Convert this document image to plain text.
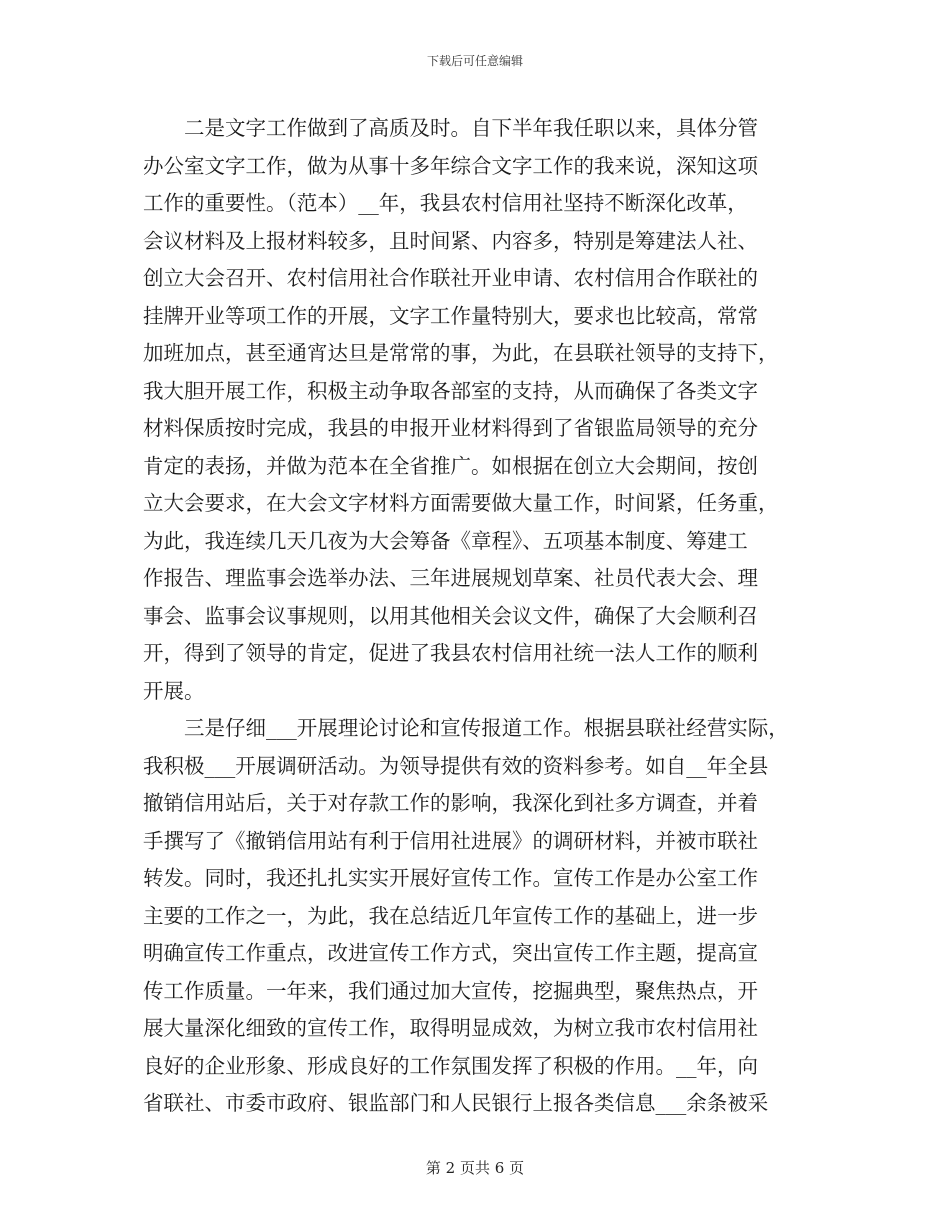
下载后可任意编辑
二是文字工作做到了高质及时。自下半年我任职以来，具体分管
办公室文字工作，做为从事十多年综合文字工作的我来说，深知这项
工作的重要性。（范本）__年，我县农村信用社坚持不断深化改革，
会议材料及上报材料较多，且时间紧、内容多，特别是筹建法人社、
创立大会召开、农村信用社合作联社开业申请、农村信用合作联社的
挂牌开业等项工作的开展，文字工作量特别大，要求也比较高，常常
加班加点，甚至通宵达旦是常常的事，为此，在县联社领导的支持下，
我大胆开展工作，积极主动争取各部室的支持，从而确保了各类文字
材料保质按时完成，我县的申报开业材料得到了省银监局领导的充分
肯定的表扬，并做为范本在全省推广。如根据在创立大会期间，按创
立大会要求，在大会文字材料方面需要做大量工作，时间紧，任务重，
为此，我连续几天几夜为大会筹备《章程》、五项基本制度、筹建工
作报告、理监事会选举办法、三年进展规划草案、社员代表大会、理
事会、监事会议事规则，以用其他相关会议文件，确保了大会顺利召
开，得到了领导的肯定，促进了我县农村信用社统一法人工作的顺利
开展。
三是仔细___开展理论讨论和宣传报道工作。根据县联社经营实际，
我积极___开展调研活动。为领导提供有效的资料参考。如自__年全县
撤销信用站后，关于对存款工作的影响，我深化到社多方调查，并着
手撰写了《撤销信用站有利于信用社进展》的调研材料，并被市联社
转发。同时，我还扎扎实实开展好宣传工作。宣传工作是办公室工作
主要的工作之一，为此，我在总结近几年宣传工作的基础上，进一步
明确宣传工作重点，改进宣传工作方式，突出宣传工作主题，提高宣
传工作质量。一年来，我们通过加大宣传，挖掘典型，聚焦热点，开
展大量深化细致的宣传工作，取得明显成效，为树立我市农村信用社
良好的企业形象、形成良好的工作氛围发挥了积极的作用。__年，向
省联社、市委市政府、银监部门和人民银行上报各类信息___余条被采
第 2 页共 6 页
